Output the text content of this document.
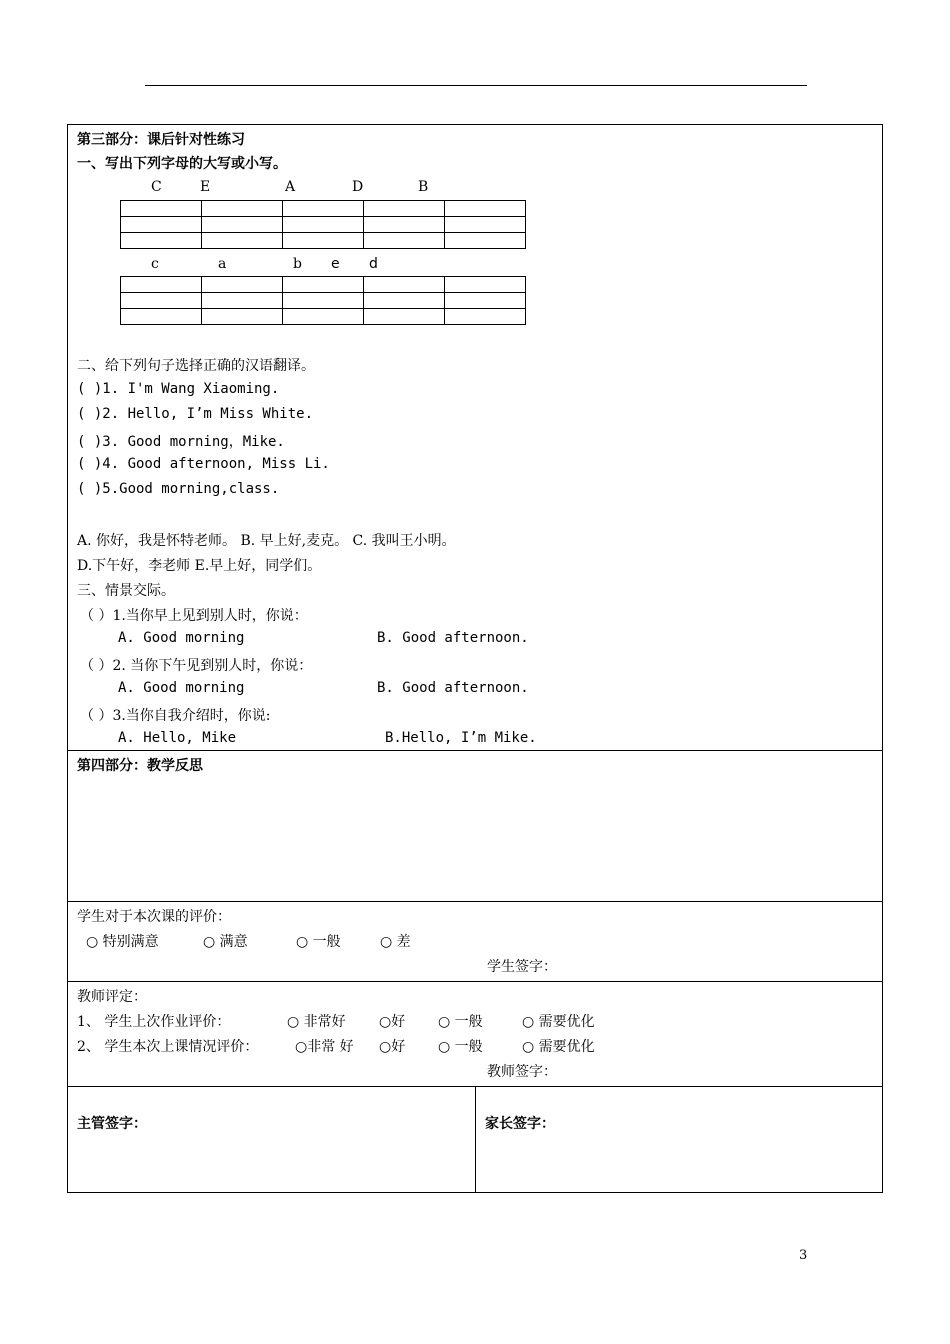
第三部分：课后针对性练习
一、写出下列字母的大写或小写。
C	E	A	D	B

c	a	b e d

二、给下列句子选择正确的汉语翻译。
( )1. I'm Wang Xiaoming.
( )2. Hello, I’m Miss White.
( )3. Good morning，Mike.
( )4. Good afternoon, Miss Li.
( )5.Good morning,class.
A. 你好，我是怀特老师。 B. 早上好,麦克。 C. 我叫王小明。
D.下午好，李老师 E.早上好，同学们。
三、情景交际。
（ ）1.当你早上见到别人时，你说：
A. Good morning	B. Good afternoon.
（ ）2. 当你下午见到别人时，你说：
A. Good morning	B. Good afternoon.
（ ）3.当你自我介绍时，你说:
A. Hello, Mike	B.Hello, I’m Mike.
第四部分：教学反思
学生对于本次课的评价：
○ 特别满意	○ 满意	○ 一般	○ 差
学生签字：
教师评定：
1、 学生上次作业评价：	○ 非常好 ○好 ○ 一般	○ 需要优化
2、 学生本次上课情况评价：	○非常 好 ○好 ○ 一般	○ 需要优化
教师签字：
主管签字：	家长签字：
3
